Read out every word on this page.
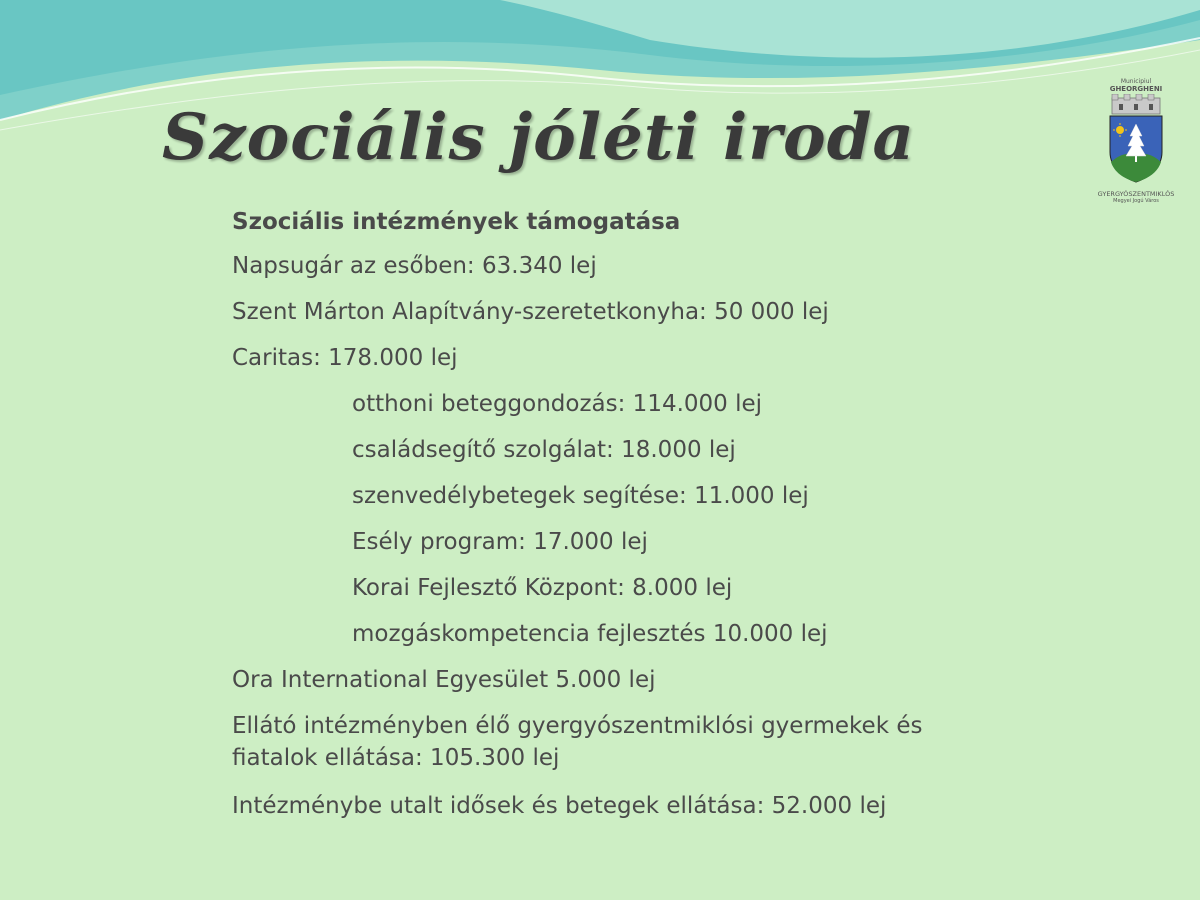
Szociális jóléti iroda
Municipiul
GHEORGHENI
GYERGYÓSZENTMIKLÓS
Megyei Jogú Város

Szociális intézmények támogatása

Napsugár az esőben: 63.340 lej

Szent Márton Alapítvány-szeretetkonyha: 50 000 lej

Caritas: 178.000 lej

otthoni beteggondozás: 114.000 lej

családsegítő szolgálat: 18.000 lej

szenvedélybetegek segítése: 11.000 lej

Esély program: 17.000 lej

Korai Fejlesztő Központ: 8.000 lej

mozgáskompetencia fejlesztés 10.000 lej

Ora International Egyesület 5.000 lej

Ellátó intézményben élő gyergyószentmiklósi gyermekek és fiatalok ellátása: 105.300 lej

Intézménybe utalt idősek és betegek ellátása: 52.000 lej
